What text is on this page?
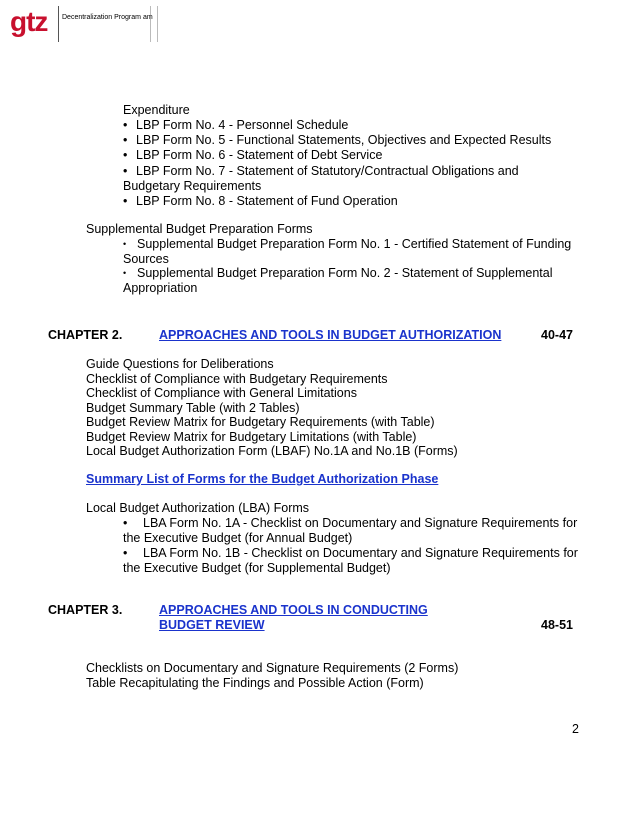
gtz Decentralization Program am
Expenditure
• LBP Form No. 4 - Personnel Schedule
• LBP Form No. 5 - Functional Statements, Objectives and Expected Results
• LBP Form No. 6 - Statement of Debt Service
• LBP Form No. 7 - Statement of Statutory/Contractual Obligations and
Budgetary Requirements
• LBP Form No. 8 - Statement of Fund Operation
Supplemental Budget Preparation Forms
• Supplemental Budget Preparation Form No. 1 - Certified Statement of Funding
Sources
• Supplemental Budget Preparation Form No. 2 - Statement of Supplemental
Appropriation
CHAPTER 2.	APPROACHES AND TOOLS IN BUDGET AUTHORIZATION	40-47
Guide Questions for Deliberations
Checklist of Compliance with Budgetary Requirements
Checklist of Compliance with General Limitations
Budget Summary Table (with 2 Tables)
Budget Review Matrix for Budgetary Requirements (with Table)
Budget Review Matrix for Budgetary Limitations (with Table)
Local Budget Authorization Form (LBAF) No.1A and No.1B (Forms)
Summary List of Forms for the Budget Authorization Phase
Local Budget Authorization (LBA) Forms
• LBA Form No. 1A - Checklist on Documentary and Signature Requirements for
the Executive Budget (for Annual Budget)
• LBA Form No. 1B - Checklist on Documentary and Signature Requirements for
the Executive Budget (for Supplemental Budget)
CHAPTER 3.	APPROACHES AND TOOLS IN CONDUCTING
BUDGET REVIEW	48-51
Checklists on Documentary and Signature Requirements (2 Forms)
Table Recapitulating the Findings and Possible Action (Form)
2
